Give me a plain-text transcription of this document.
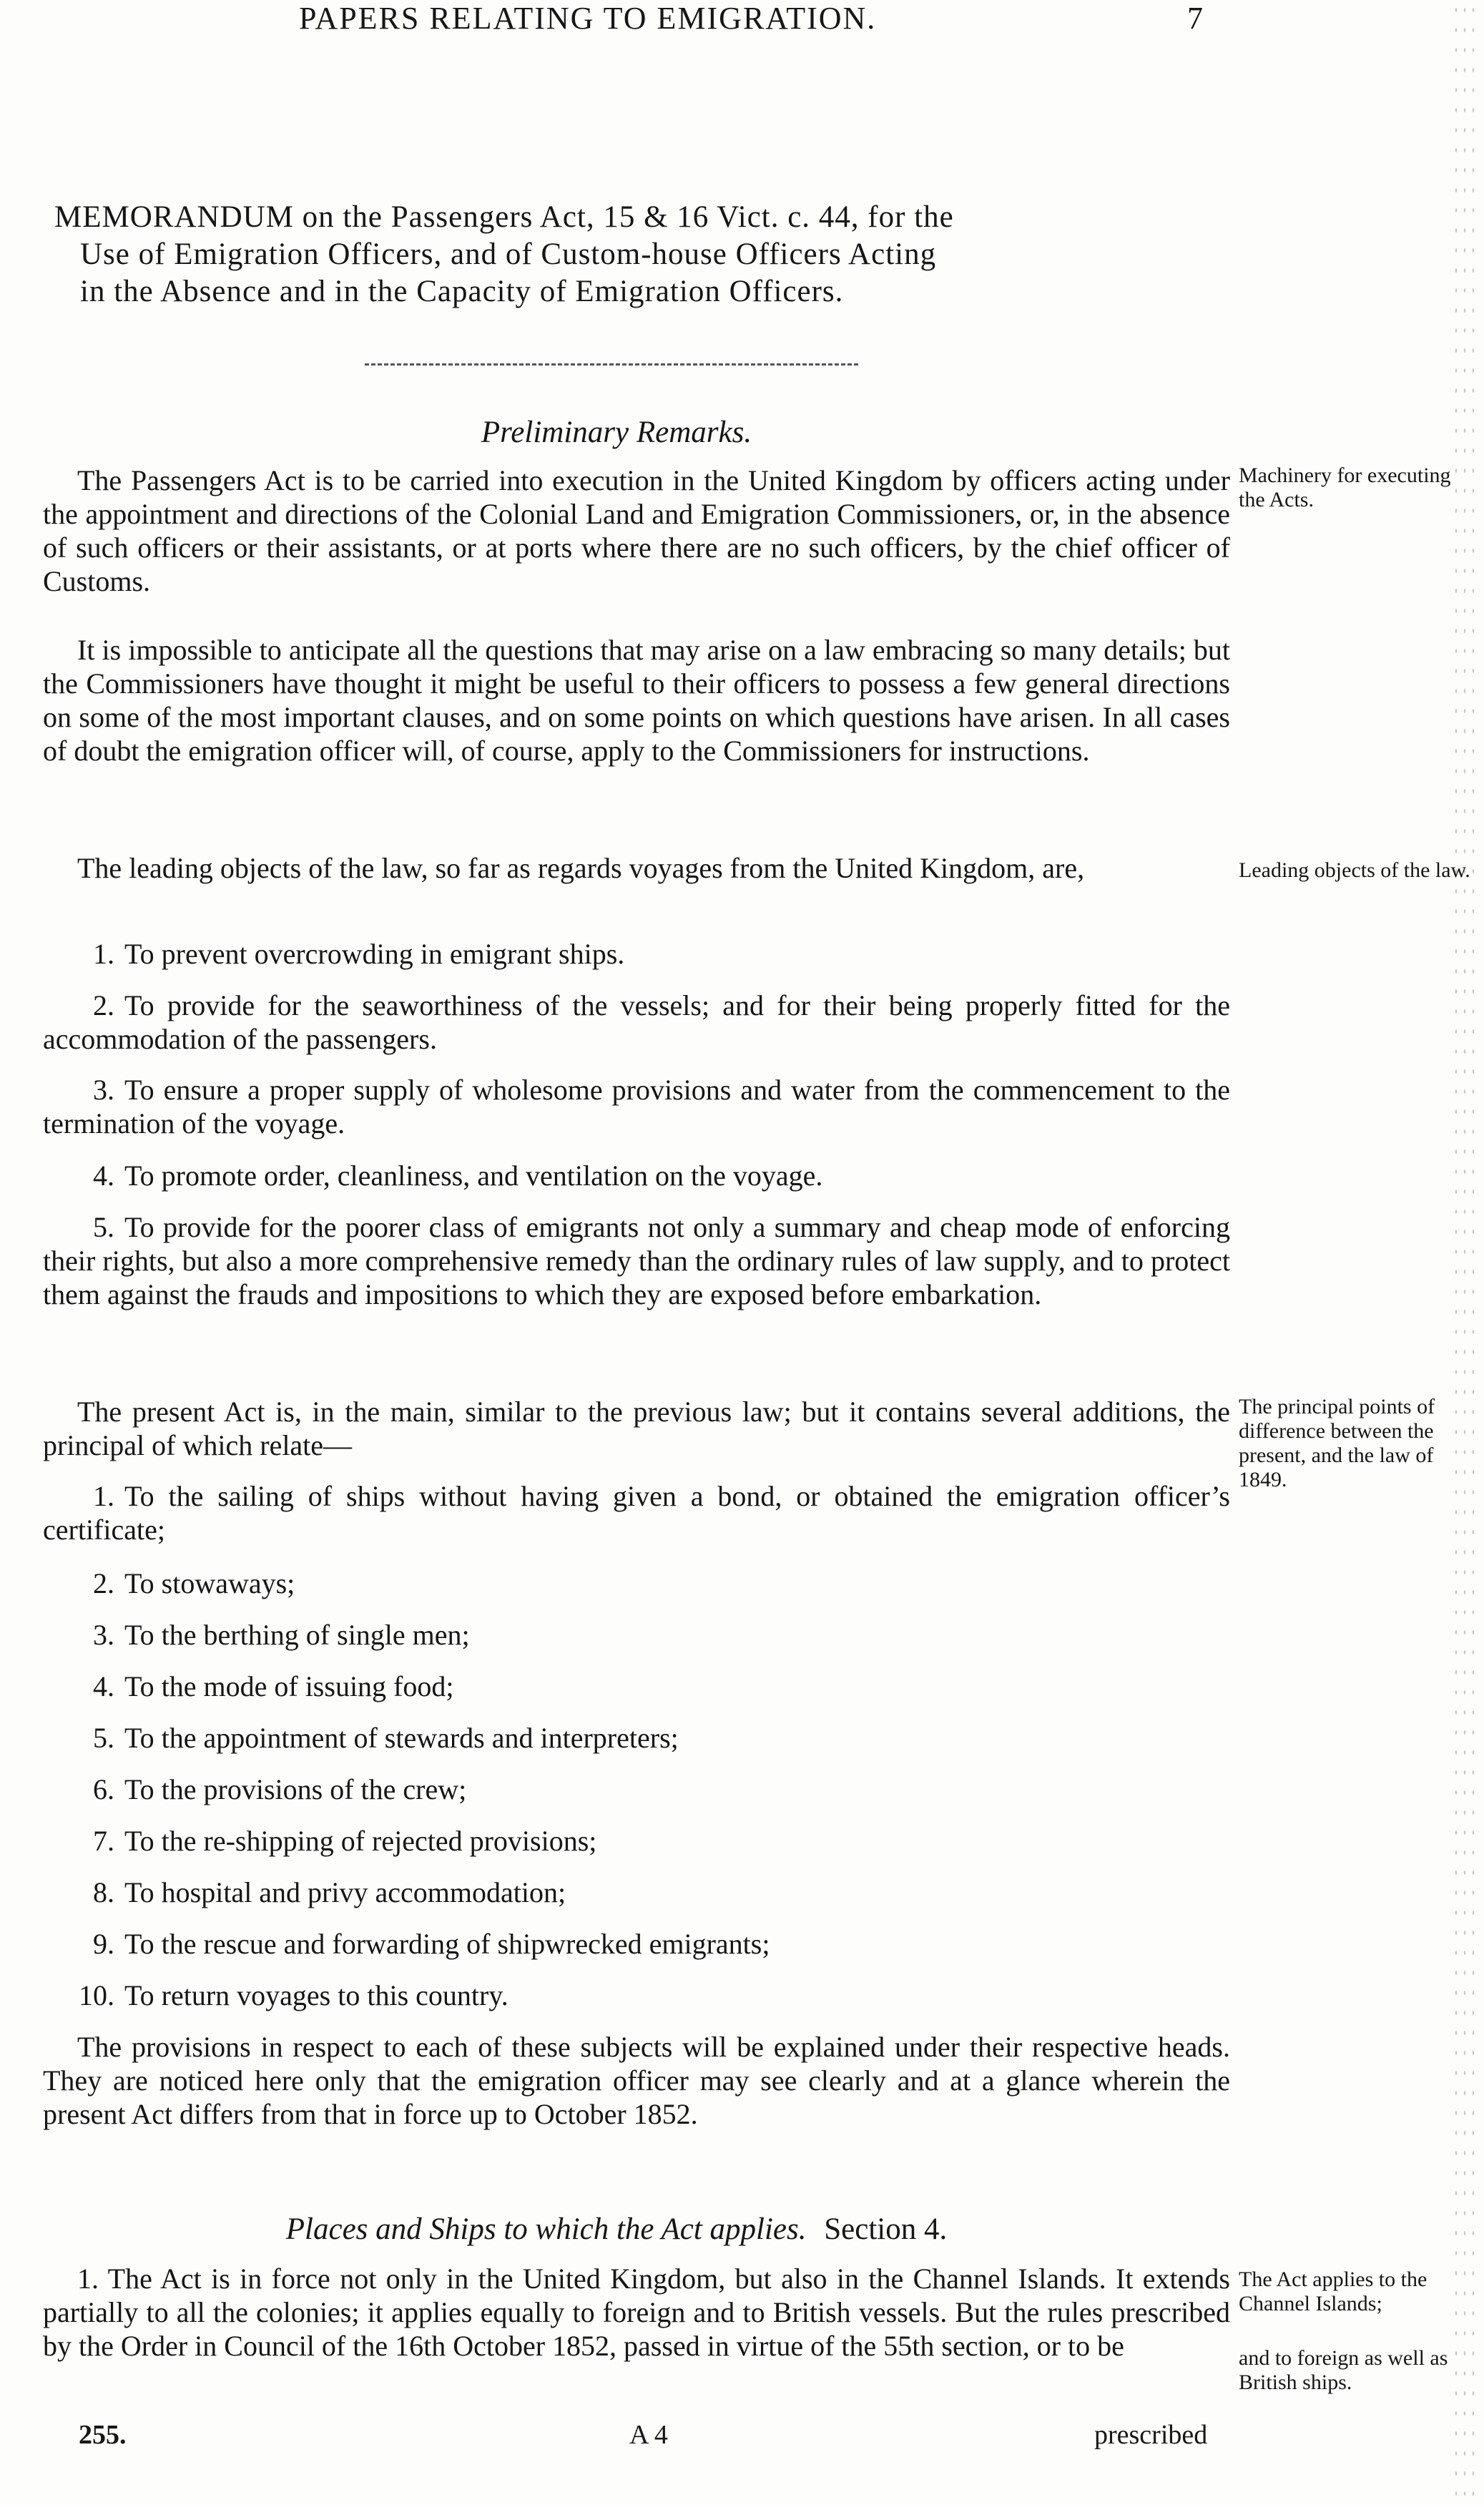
PAPERS RELATING TO EMIGRATION.	7
MEMORANDUM on the Passengers Act, 15 & 16 Vict. c. 44, for the
Use of Emigration Officers, and of Custom-house Officers Acting
in the Absence and in the Capacity of Emigration Officers.
Preliminary Remarks.

The Passengers Act is to be carried into execution in the United Kingdom by officers acting under the appointment and directions of the Colonial Land and Emigration Commissioners, or, in the absence of such officers or their assistants, or at ports where there are no such officers, by the chief officer of Customs.

It is impossible to anticipate all the questions that may arise on a law embracing so many details; but the Commissioners have thought it might be useful to their officers to possess a few general directions on some of the most important clauses, and on some points on which questions have arisen. In all cases of doubt the emigration officer will, of course, apply to the Commissioners for instructions.

The leading objects of the law, so far as regards voyages from the United Kingdom, are,

1. To prevent overcrowding in emigrant ships.
2. To provide for the seaworthiness of the vessels; and for their being properly fitted for the accommodation of the passengers.
3. To ensure a proper supply of wholesome provisions and water from the commencement to the termination of the voyage.
4. To promote order, cleanliness, and ventilation on the voyage.
5. To provide for the poorer class of emigrants not only a summary and cheap mode of enforcing their rights, but also a more comprehensive remedy than the ordinary rules of law supply, and to protect them against the frauds and impositions to which they are exposed before embarkation.

The present Act is, in the main, similar to the previous law; but it contains several additions, the principal of which relate—

1. To the sailing of ships without having given a bond, or obtained the emigration officer’s certificate;
2. To stowaways;
3. To the berthing of single men;
4. To the mode of issuing food;
5. To the appointment of stewards and interpreters;
6. To the provisions of the crew;
7. To the re-shipping of rejected provisions;
8. To hospital and privy accommodation;
9. To the rescue and forwarding of shipwrecked emigrants;
10. To return voyages to this country.

The provisions in respect to each of these subjects will be explained under their respective heads. They are noticed here only that the emigration officer may see clearly and at a glance wherein the present Act differs from that in force up to October 1852.

Places and Ships to which the Act applies. Section 4.

1. The Act is in force not only in the United Kingdom, but also in the Channel Islands. It extends partially to all the colonies; it applies equally to foreign and to British vessels. But the rules prescribed by the Order in Council of the 16th October 1852, passed in virtue of the 55th section, or to be

Machinery for executing the Acts.
Leading objects of the law.
The principal points of difference between the present, and the law of 1849.
The Act applies to the Channel Islands;
and to foreign as well as British ships.
255.	A 4	prescribed
